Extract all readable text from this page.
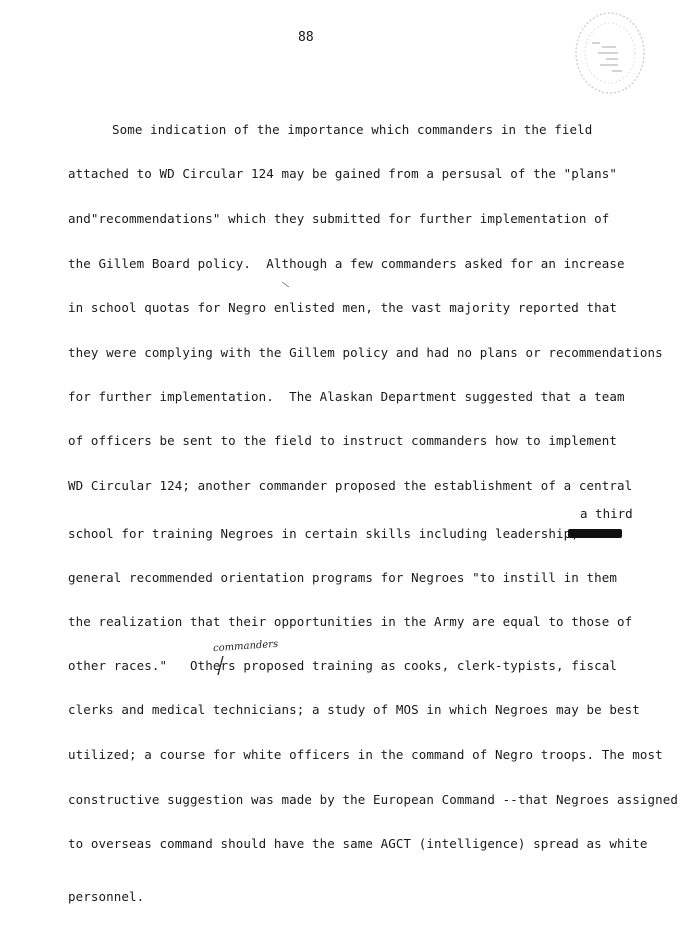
88
a third
commanders
Some indication of the importance which commanders in the field
attached to WD Circular 124 may be gained from a persusal of the "plans"
and"recommendations" which they submitted for further implementation of
the Gillem Board policy.  Although a few commanders asked for an increase
in school quotas for Negro enlisted men, the vast majority reported that
they were complying with the Gillem policy and had no plans or recommendations
for further implementation.  The Alaskan Department suggested that a team
of officers be sent to the field to instruct commanders how to implement
WD Circular 124; another commander proposed the establishment of a central
school for training Negroes in certain skills including leadership;
general recommended orientation programs for Negroes "to instill in them
the realization that their opportunities in the Army are equal to those of
other races."   Others proposed training as cooks, clerk-typists, fiscal
clerks and medical technicians; a study of MOS in which Negroes may be best
utilized; a course for white officers in the command of Negro troops. The most
constructive suggestion was made by the European Command --that Negroes assigned
to overseas command should have the same AGCT (intelligence) spread as white
personnel.
